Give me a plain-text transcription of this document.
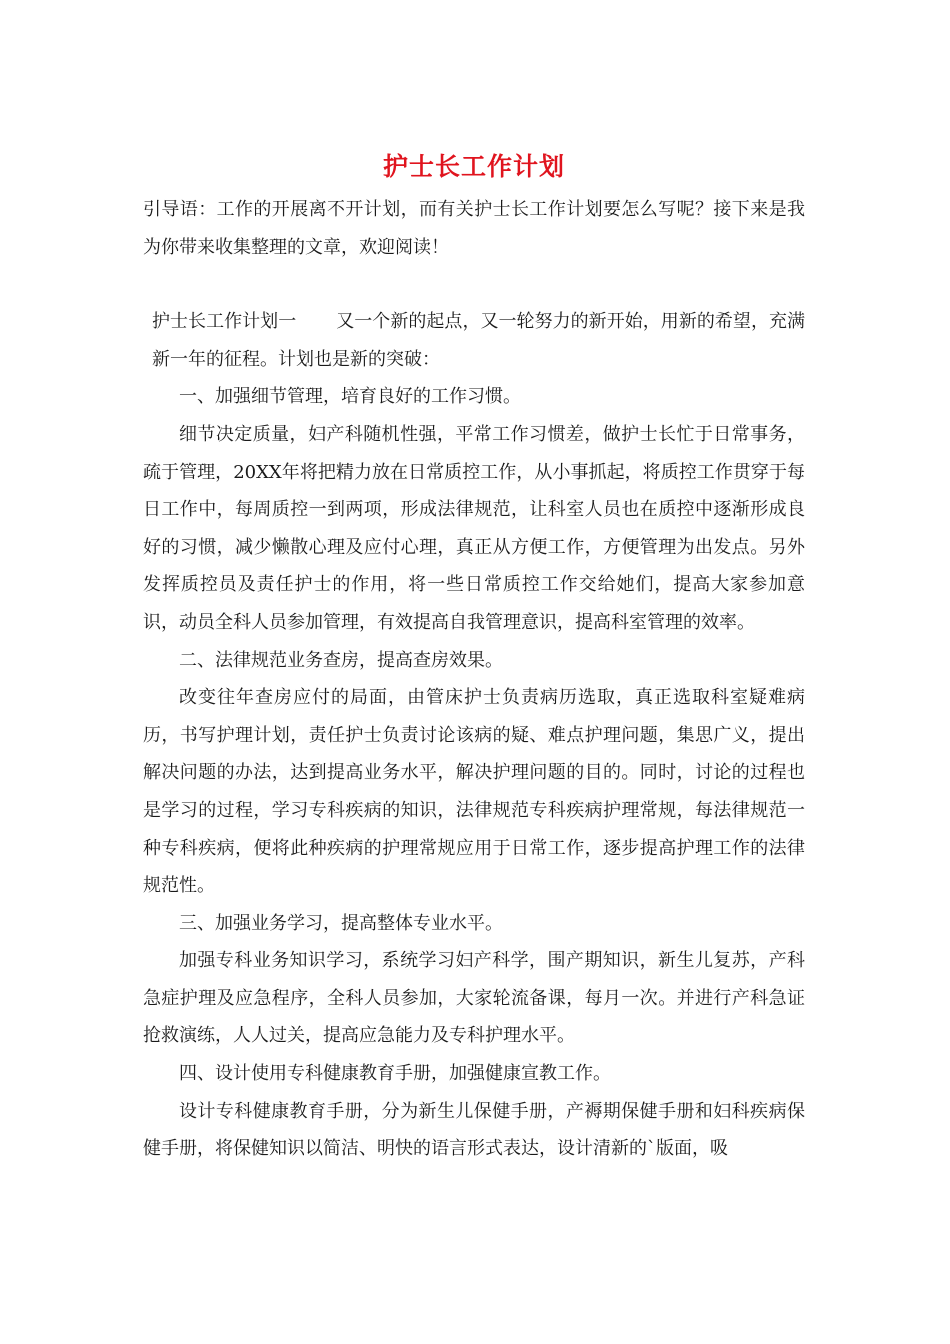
护士长工作计划

引导语：工作的开展离不开计划，而有关护士长工作计划要怎么写呢？接下来是我为你带来收集整理的文章，欢迎阅读！

护士长工作计划一 又一个新的起点，又一轮努力的新开始，用新的希望，充满新一年的征程。计划也是新的突破：

一、加强细节管理，培育良好的工作习惯。

细节决定质量，妇产科随机性强，平常工作习惯差，做护士长忙于日常事务，疏于管理，20XX年将把精力放在日常质控工作，从小事抓起，将质控工作贯穿于每日工作中，每周质控一到两项，形成法律规范，让科室人员也在质控中逐渐形成良好的习惯，减少懒散心理及应付心理，真正从方便工作，方便管理为出发点。另外发挥质控员及责任护士的作用，将一些日常质控工作交给她们，提高大家参加意识，动员全科人员参加管理，有效提高自我管理意识，提高科室管理的效率。

二、法律规范业务查房，提高查房效果。

改变往年查房应付的局面，由管床护士负责病历选取，真正选取科室疑难病历，书写护理计划，责任护士负责讨论该病的疑、难点护理问题，集思广义，提出解决问题的办法，达到提高业务水平，解决护理问题的目的。同时，讨论的过程也是学习的过程，学习专科疾病的知识，法律规范专科疾病护理常规，每法律规范一种专科疾病，便将此种疾病的护理常规应用于日常工作，逐步提高护理工作的法律规范性。

三、加强业务学习，提高整体专业水平。

加强专科业务知识学习，系统学习妇产科学，围产期知识，新生儿复苏，产科急症护理及应急程序，全科人员参加，大家轮流备课，每月一次。并进行产科急证抢救演练，人人过关，提高应急能力及专科护理水平。

四、设计使用专科健康教育手册，加强健康宣教工作。

设计专科健康教育手册，分为新生儿保健手册，产褥期保健手册和妇科疾病保健手册，将保健知识以简洁、明快的语言形式表达，设计清新的`版面，吸
